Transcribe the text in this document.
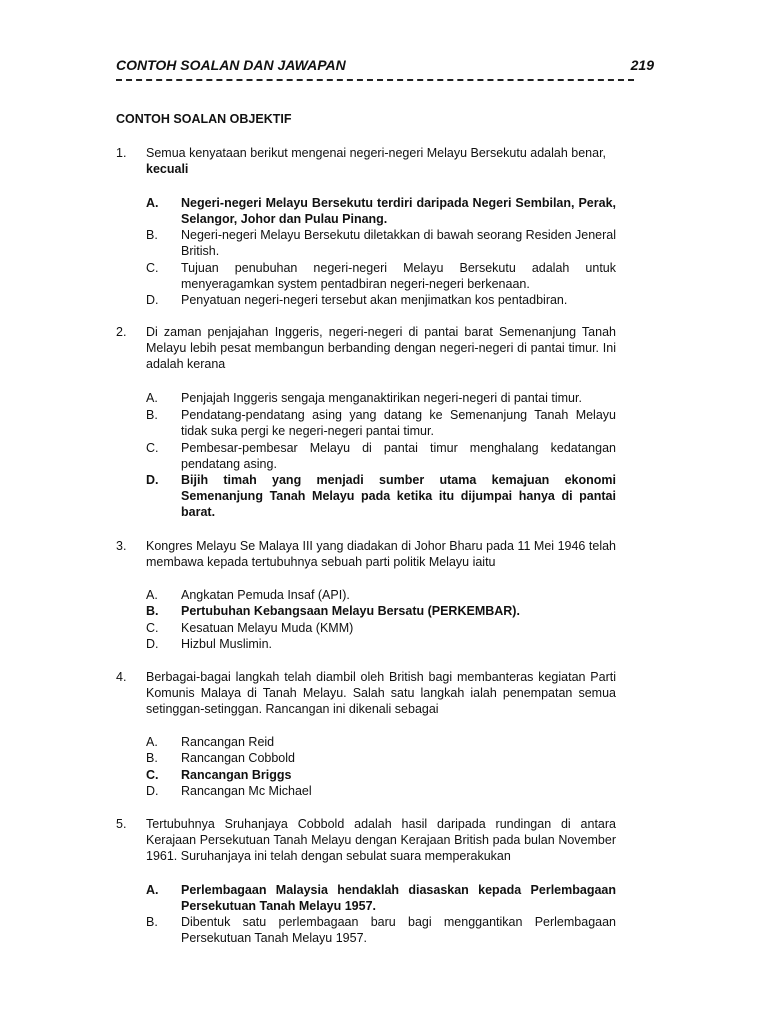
CONTOH SOALAN DAN JAWAPAN	219
CONTOH SOALAN OBJEKTIF
1. Semua kenyataan berikut mengenai negeri-negeri Melayu Bersekutu adalah benar,
kecuali
A. Negeri-negeri Melayu Bersekutu terdiri daripada Negeri Sembilan, Perak, Selangor, Johor dan Pulau Pinang.
B. Negeri-negeri Melayu Bersekutu diletakkan di bawah seorang Residen Jeneral British.
C. Tujuan penubuhan negeri-negeri Melayu Bersekutu adalah untuk menyeragamkan system pentadbiran negeri-negeri berkenaan.
D. Penyatuan negeri-negeri tersebut akan menjimatkan kos pentadbiran.
2. Di zaman penjajahan Inggeris, negeri-negeri di pantai barat Semenanjung Tanah Melayu lebih pesat membangun berbanding dengan negeri-negeri di pantai timur. Ini adalah kerana
A. Penjajah Inggeris sengaja menganaktirikan negeri-negeri di pantai timur.
B. Pendatang-pendatang asing yang datang ke Semenanjung Tanah Melayu tidak suka pergi ke negeri-negeri pantai timur.
C. Pembesar-pembesar Melayu di pantai timur menghalang kedatangan pendatang asing.
D. Bijih timah yang menjadi sumber utama kemajuan ekonomi Semenanjung Tanah Melayu pada ketika itu dijumpai hanya di pantai barat.
3. Kongres Melayu Se Malaya III yang diadakan di Johor Bharu pada 11 Mei 1946 telah membawa kepada tertubuhnya sebuah parti politik Melayu iaitu
A. Angkatan Pemuda Insaf (API).
B. Pertubuhan Kebangsaan Melayu Bersatu (PERKEMBAR).
C. Kesatuan Melayu Muda (KMM)
D. Hizbul Muslimin.
4. Berbagai-bagai langkah telah diambil oleh British bagi membanteras kegiatan Parti Komunis Malaya di Tanah Melayu. Salah satu langkah ialah penempatan semua setinggan-setinggan. Rancangan ini dikenali sebagai
A. Rancangan Reid
B. Rancangan Cobbold
C. Rancangan Briggs
D. Rancangan Mc Michael
5. Tertubuhnya Sruhanjaya Cobbold adalah hasil daripada rundingan di antara Kerajaan Persekutuan Tanah Melayu dengan Kerajaan British pada bulan November 1961. Suruhanjaya ini telah dengan sebulat suara memperakukan
A. Perlembagaan Malaysia hendaklah diasaskan kepada Perlembagaan Persekutuan Tanah Melayu 1957.
B. Dibentuk satu perlembagaan baru bagi menggantikan Perlembagaan Persekutuan Tanah Melayu 1957.
